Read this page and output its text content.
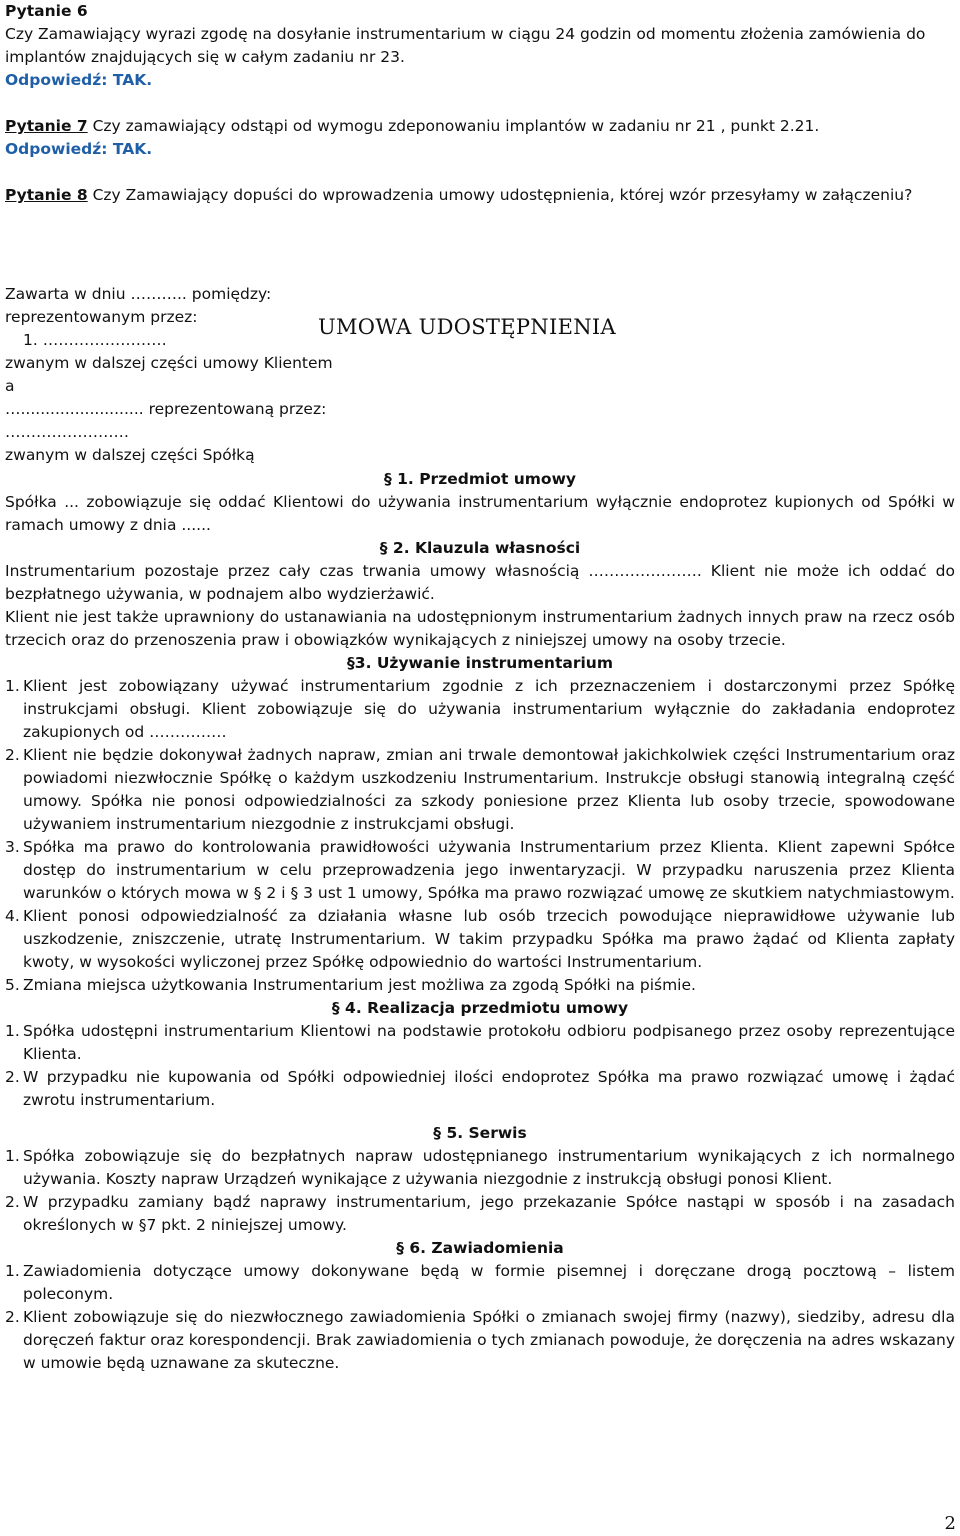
Pytanie 6

Czy Zamawiający wyrazi zgodę na dosyłanie instrumentarium w ciągu 24 godzin od momentu złożenia zamówienia do implantów znajdujących się w całym zadaniu nr 23.

Odpowiedź: TAK.

Pytanie 7 Czy zamawiający odstąpi od wymogu zdeponowaniu implantów w zadaniu nr 21 , punkt 2.21.

Odpowiedź: TAK.

Pytanie 8 Czy Zamawiający dopuści do wprowadzenia umowy udostępnienia, której wzór przesyłamy w załączeniu?

Zawarta w dniu ……….. pomiędzy:

reprezentowanym przez:

1. ……………………

zwanym w dalszej części umowy Klientem

a

…......................... reprezentowaną przez:

……………………

zwanym w dalszej części Spółką

§ 1. Przedmiot umowy

Spółka ... zobowiązuje się oddać Klientowi do używania instrumentarium wyłącznie endoprotez kupionych od Spółki w ramach umowy z dnia ......

§ 2. Klauzula własności

Instrumentarium pozostaje przez cały czas trwania umowy własnością …………………. Klient nie może ich oddać do bezpłatnego używania, w podnajem albo wydzierżawić.

Klient nie jest także uprawniony do ustanawiania na udostępnionym instrumentarium żadnych innych praw na rzecz osób trzecich oraz do przenoszenia praw i obowiązków wynikających z niniejszej umowy na osoby trzecie.

§3. Używanie instrumentarium

1. Klient jest zobowiązany używać instrumentarium zgodnie z ich przeznaczeniem i dostarczonymi przez Spółkę instrukcjami obsługi. Klient zobowiązuje się do używania instrumentarium wyłącznie do zakładania endoprotez zakupionych od ……………
2. Klient nie będzie dokonywał żadnych napraw, zmian ani trwale demontował jakichkolwiek części Instrumentarium oraz powiadomi niezwłocznie Spółkę o każdym uszkodzeniu Instrumentarium. Instrukcje obsługi stanowią integralną część umowy. Spółka nie ponosi odpowiedzialności za szkody poniesione przez Klienta lub osoby trzecie, spowodowane używaniem instrumentarium niezgodnie z instrukcjami obsługi.
3. Spółka ma prawo do kontrolowania prawidłowości używania Instrumentarium przez Klienta. Klient zapewni Spółce dostęp do instrumentarium w celu przeprowadzenia jego inwentaryzacji. W przypadku naruszenia przez Klienta warunków o których mowa w § 2 i § 3 ust 1 umowy, Spółka ma prawo rozwiązać umowę ze skutkiem natychmiastowym.
4. Klient ponosi odpowiedzialność za działania własne lub osób trzecich powodujące nieprawidłowe używanie lub uszkodzenie, zniszczenie, utratę Instrumentarium. W takim przypadku Spółka ma prawo żądać od Klienta zapłaty kwoty, w wysokości wyliczonej przez Spółkę odpowiednio do wartości Instrumentarium.
5. Zmiana miejsca użytkowania Instrumentarium jest możliwa za zgodą Spółki na piśmie.

§ 4. Realizacja przedmiotu umowy

1. Spółka udostępni instrumentarium Klientowi na podstawie protokołu odbioru podpisanego przez osoby reprezentujące Klienta.
2. W przypadku nie kupowania od Spółki odpowiedniej ilości endoprotez Spółka ma prawo rozwiązać umowę i żądać zwrotu instrumentarium.

§ 5. Serwis

1. Spółka zobowiązuje się do bezpłatnych napraw udostępnianego instrumentarium wynikających z ich normalnego używania. Koszty napraw Urządzeń wynikające z używania niezgodnie z instrukcją obsługi ponosi Klient.
2. W przypadku zamiany bądź naprawy instrumentarium, jego przekazanie Spółce nastąpi w sposób i na zasadach określonych w §7 pkt. 2 niniejszej umowy.

§ 6. Zawiadomienia

1. Zawiadomienia dotyczące umowy dokonywane będą w formie pisemnej i doręczane drogą pocztową – listem poleconym.
2. Klient zobowiązuje się do niezwłocznego zawiadomienia Spółki o zmianach swojej firmy (nazwy), siedziby, adresu dla doręczeń faktur oraz korespondencji. Brak zawiadomienia o tych zmianach powoduje, że doręczenia na adres wskazany w umowie będą uznawane za skuteczne.
UMOWA UDOSTĘPNIENIA
2
